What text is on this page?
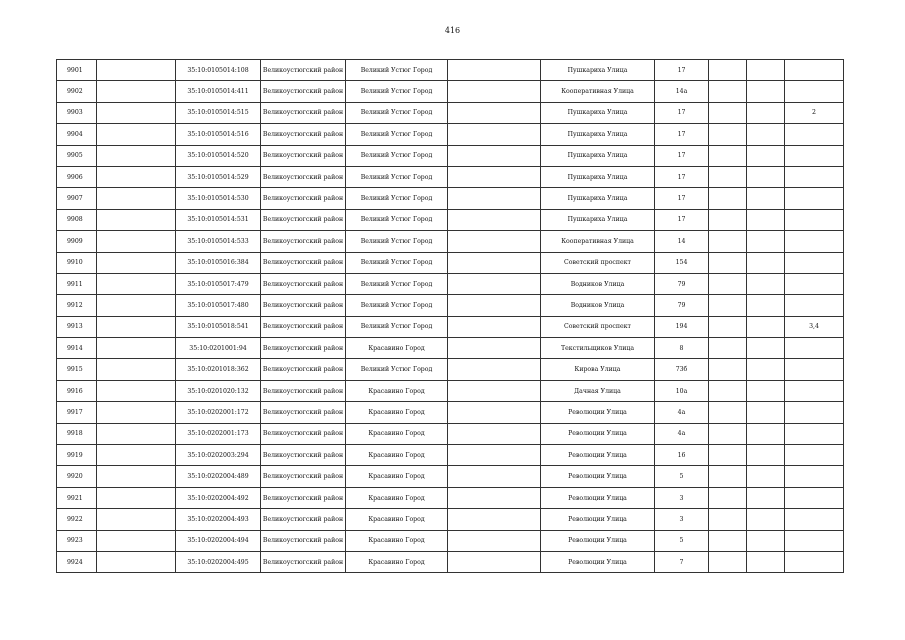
416
9901		35:10:0105014:108	Великоустюгский район	Великий Устюг Город		Пушкарихa Улица	17			
9902		35:10:0105014:411	Великоустюгский район	Великий Устюг Город		Кооперативная Улица	14а			
9903		35:10:0105014:515	Великоустюгский район	Великий Устюг Город		Пушкарихa Улица	17			2
9904		35:10:0105014:516	Великоустюгский район	Великий Устюг Город		Пушкарихa Улица	17			
9905		35:10:0105014:520	Великоустюгский район	Великий Устюг Город		Пушкарихa Улица	17			
9906		35:10:0105014:529	Великоустюгский район	Великий Устюг Город		Пушкарихa Улица	17			
9907		35:10:0105014:530	Великоустюгский район	Великий Устюг Город		Пушкарихa Улица	17			
9908		35:10:0105014:531	Великоустюгский район	Великий Устюг Город		Пушкарихa Улица	17			
9909		35:10:0105014:533	Великоустюгский район	Великий Устюг Город		Кооперативная Улица	14			
9910		35:10:0105016:384	Великоустюгский район	Великий Устюг Город		Советский проспект	154			
9911		35:10:0105017:479	Великоустюгский район	Великий Устюг Город		Водников Улица	79			
9912		35:10:0105017:480	Великоустюгский район	Великий Устюг Город		Водников Улица	79			
9913		35:10:0105018:541	Великоустюгский район	Великий Устюг Город		Советский проспект	194			3,4
9914		35:10:0201001:94	Великоустюгский район	Красавино Город		Текстильщиков Улица	8			
9915		35:10:0201018:362	Великоустюгский район	Великий Устюг Город		Кирова Улица	73б			
9916		35:10:0201020:132	Великоустюгский район	Красавино Город		Дачная Улица	10а			
9917		35:10:0202001:172	Великоустюгский район	Красавино Город		Революции Улица	4а			
9918		35:10:0202001:173	Великоустюгский район	Красавино Город		Революции Улица	4а			
9919		35:10:0202003:294	Великоустюгский район	Красавино Город		Революции Улица	16			
9920		35:10:0202004:489	Великоустюгский район	Красавино Город		Революции Улица	5			
9921		35:10:0202004:492	Великоустюгский район	Красавино Город		Революции Улица	3			
9922		35:10:0202004:493	Великоустюгский район	Красавино Город		Революции Улица	3			
9923		35:10:0202004:494	Великоустюгский район	Красавино Город		Революции Улица	5			
9924		35:10:0202004:495	Великоустюгский район	Красавино Город		Революции Улица	7			
